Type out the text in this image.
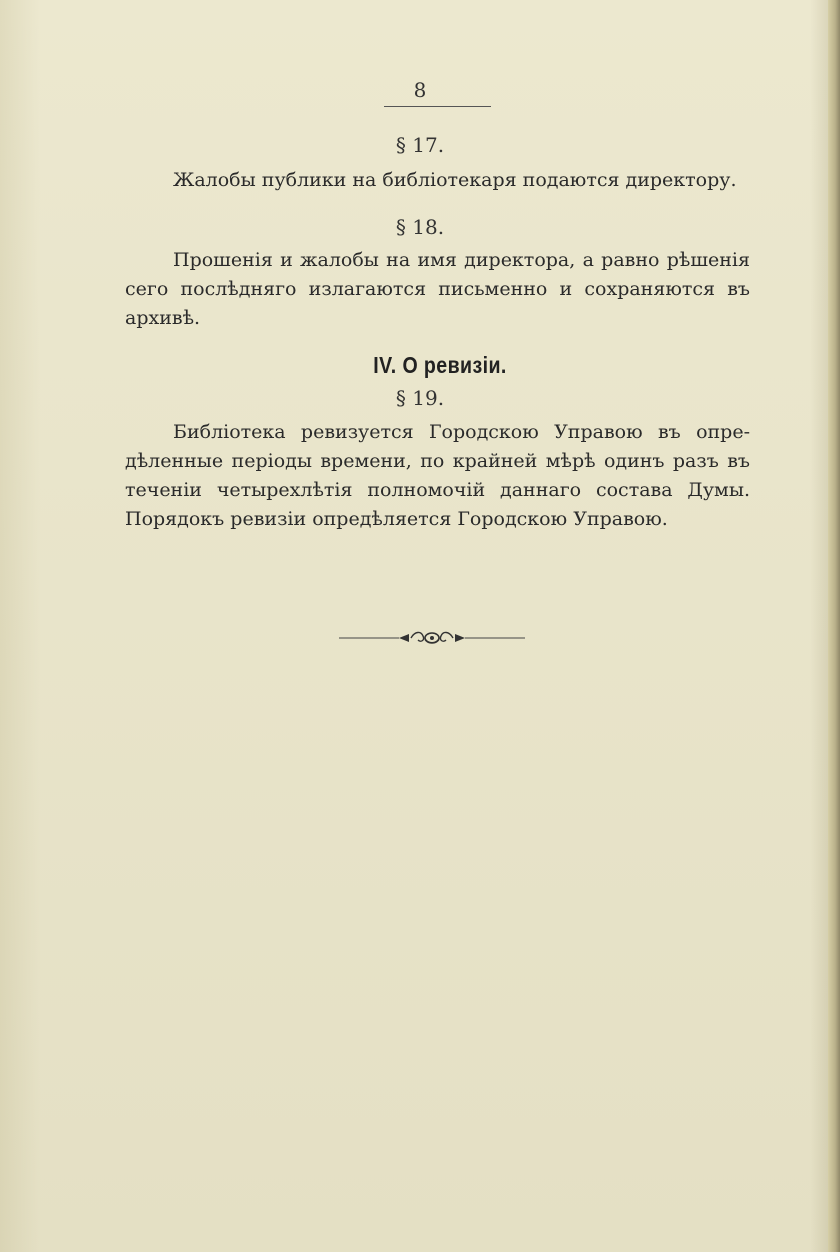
8
§ 17.
Жалобы публики на библiотекаря подаются директору.
§ 18.
Прошенiя и жалобы на имя директора, а равно рѣшенiя
сего послѣдняго излагаются письменно и сохраняются въ
архивѣ.
IV. О ревизiи.
§ 19.
Библiотека ревизуется Городскою Управою въ опре-
дѣленные перiоды времени, по крайней мѣрѣ одинъ разъ въ
теченiи четырехлѣтiя полномочiй даннаго состава Думы.
Порядокъ ревизiи опредѣляется Городскою Управою.
